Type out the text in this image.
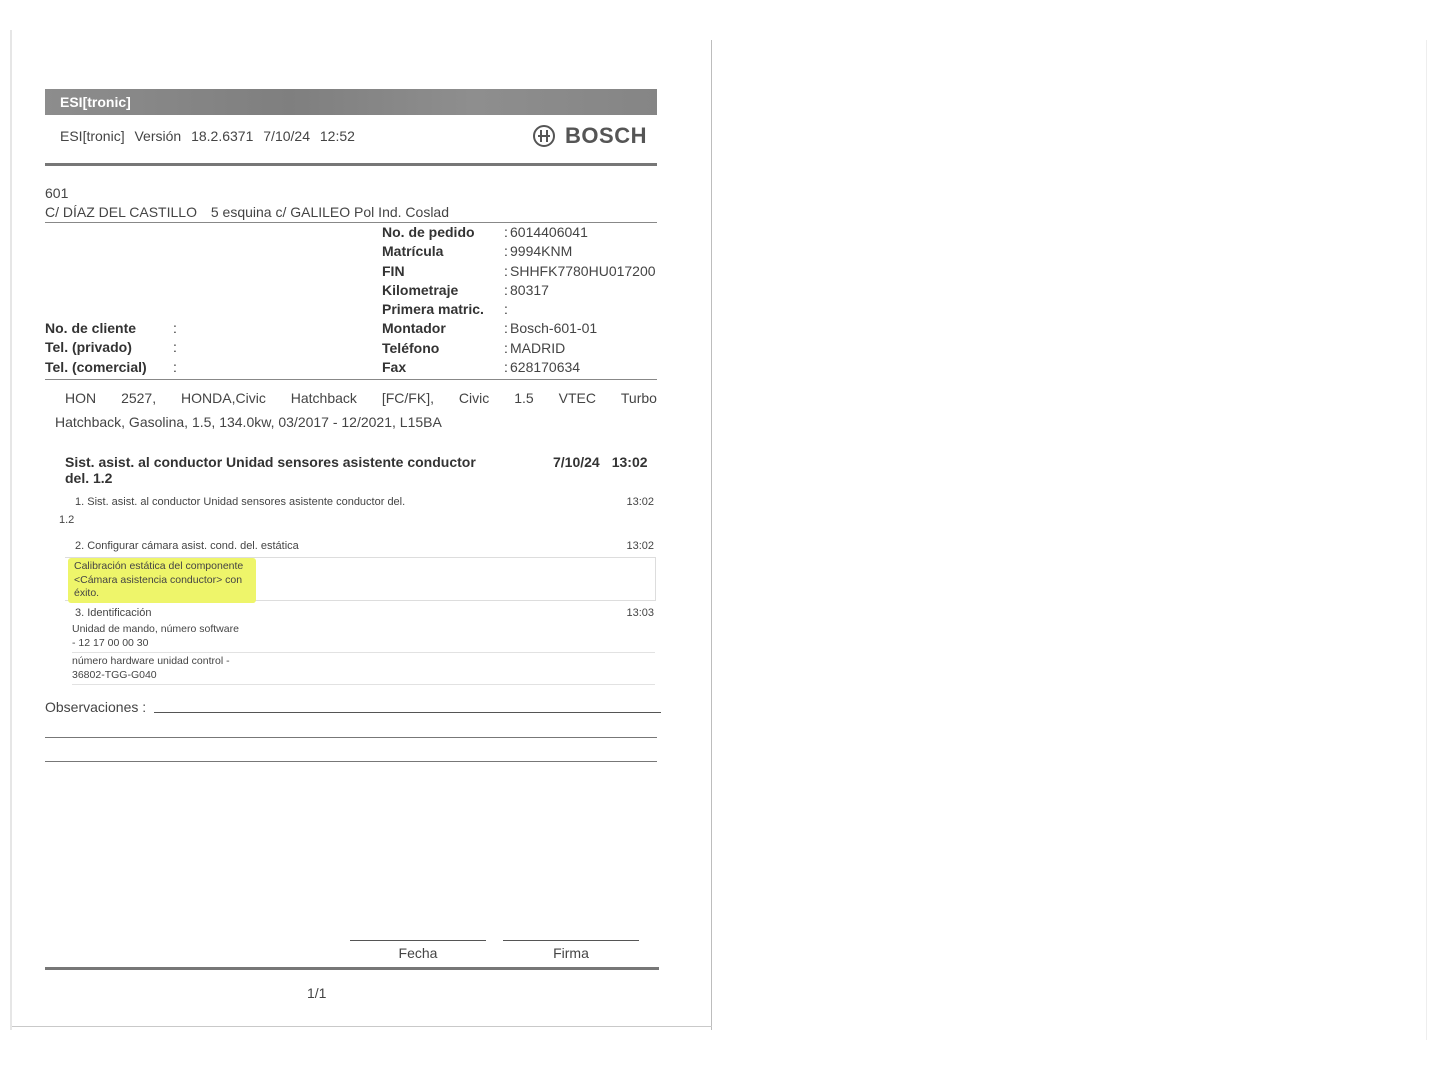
ESI[tronic]
ESI[tronic] Versión 18.2.6371 7/10/24 12:52	BOSCH
601
C/ DÍAZ DEL CASTILLO 5 esquina c/ GALILEO Pol Ind. Coslad
No. de pedido	: 6014406041
Matrícula	: 9994KNM
FIN	: SHHFK7780HU017200
Kilometraje	: 80317
Primera matric.	:
Montador	: Bosch-601-01
Teléfono	: MADRID
Fax	: 628170634
No. de cliente	:
Tel. (privado)	:
Tel. (comercial)	:
HON 2527, HONDA,Civic Hatchback [FC/FK], Civic 1.5 VTEC Turbo
Hatchback, Gasolina, 1.5, 134.0kw, 03/2017 - 12/2021, L15BA
Sist. asist. al conductor Unidad sensores asistente conductor del. 1.2
7/10/24 13:02
1. Sist. asist. al conductor Unidad sensores asistente conductor del.	13:02
1.2
2. Configurar cámara asist. cond. del. estática	13:02
Calibración estática del componente <Cámara asistencia conductor> con éxito.
3. Identificación	13:03
Unidad de mando, número software
- 12 17 00 00 30
número hardware unidad control -
36802-TGG-G040
Observaciones :
Fecha	Firma
1/1
